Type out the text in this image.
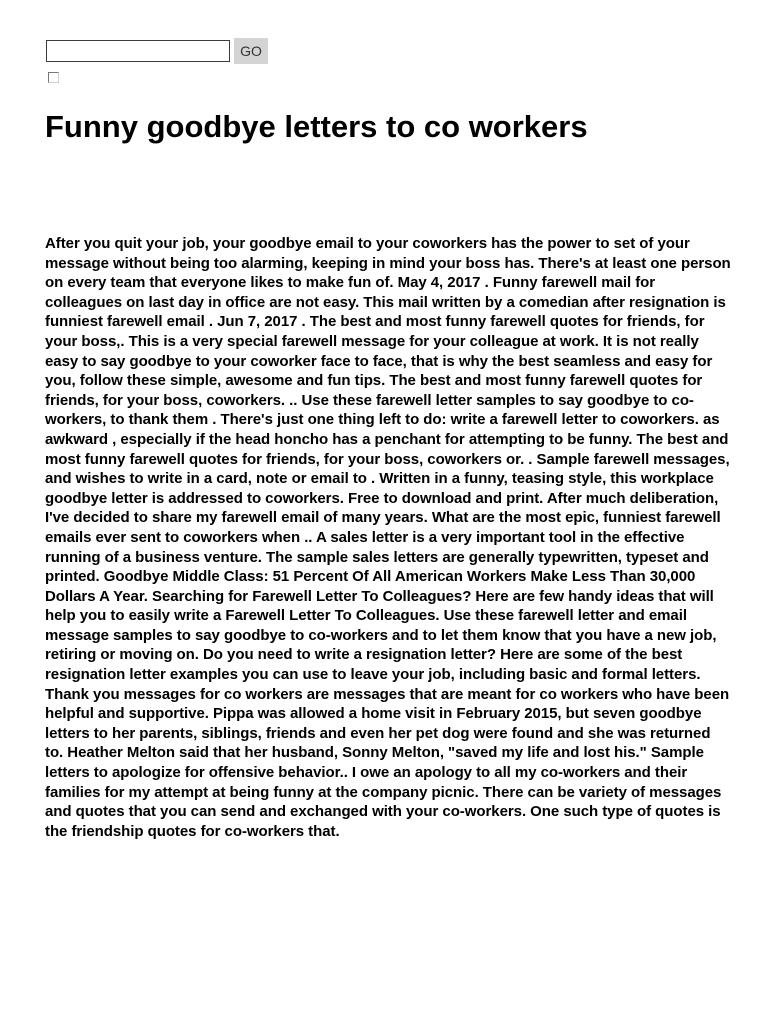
GO
Funny goodbye letters to co workers

After you quit your job, your goodbye email to your coworkers has the power to set of your message without being too alarming, keeping in mind your boss has. There's at least one person on every team that everyone likes to make fun of. May 4, 2017 . Funny farewell mail for colleagues on last day in office are not easy. This mail written by a comedian after resignation is funniest farewell email . Jun 7, 2017 . The best and most funny farewell quotes for friends, for your boss,. This is a very special farewell message for your colleague at work. It is not really easy to say goodbye to your coworker face to face, that is why the best seamless and easy for you, follow these simple, awesome and fun tips. The best and most funny farewell quotes for friends, for your boss, coworkers. .. Use these farewell letter samples to say goodbye to co-workers, to thank them . There's just one thing left to do: write a farewell letter to coworkers. as awkward , especially if the head honcho has a penchant for attempting to be funny. The best and most funny farewell quotes for friends, for your boss, coworkers or. . Sample farewell messages, and wishes to write in a card, note or email to . Written in a funny, teasing style, this workplace goodbye letter is addressed to coworkers. Free to download and print. After much deliberation, I've decided to share my farewell email of many years. What are the most epic, funniest farewell emails ever sent to coworkers when .. A sales letter is a very important tool in the effective running of a business venture. The sample sales letters are generally typewritten, typeset and printed. Goodbye Middle Class: 51 Percent Of All American Workers Make Less Than 30,000 Dollars A Year. Searching for Farewell Letter To Colleagues? Here are few handy ideas that will help you to easily write a Farewell Letter To Colleagues. Use these farewell letter and email message samples to say goodbye to co-workers and to let them know that you have a new job, retiring or moving on. Do you need to write a resignation letter? Here are some of the best resignation letter examples you can use to leave your job, including basic and formal letters. Thank you messages for co workers are messages that are meant for co workers who have been helpful and supportive. Pippa was allowed a home visit in February 2015, but seven goodbye letters to her parents, siblings, friends and even her pet dog were found and she was returned to. Heather Melton said that her husband, Sonny Melton, "saved my life and lost his." Sample letters to apologize for offensive behavior.. I owe an apology to all my co-workers and their families for my attempt at being funny at the company picnic. There can be variety of messages and quotes that you can send and exchanged with your co-workers. One such type of quotes is the friendship quotes for co-workers that.
